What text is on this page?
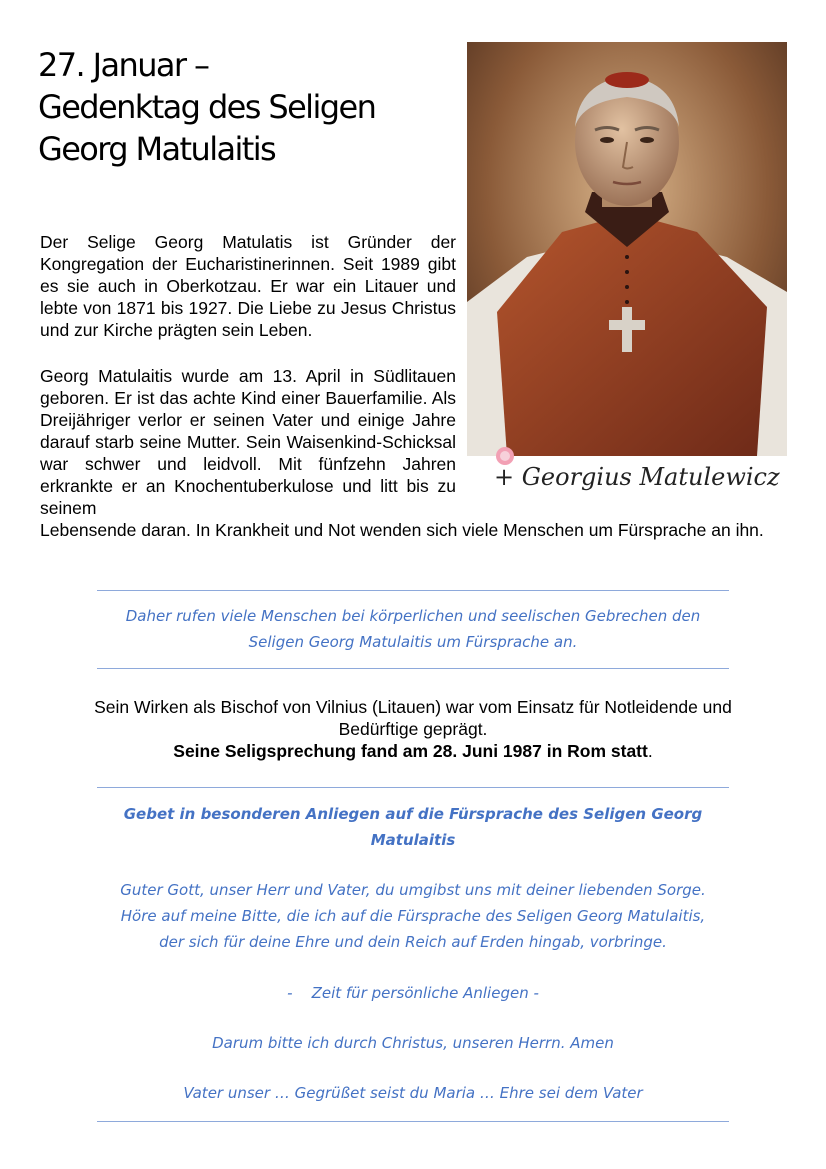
27. Januar –
Gedenktag des Seligen
Georg Matulaitis
+ Georgius Matulewicz

Der Selige Georg Matulatis ist Gründer der Kongregation der Eucharistinerinnen. Seit 1989 gibt es sie auch in Oberkotzau. Er war ein Litauer und lebte von 1871 bis 1927. Die Liebe zu Jesus Christus und zur Kirche prägten sein Leben.

Georg Matulaitis wurde am 13. April in Südlitauen geboren. Er ist das achte Kind einer Bauerfamilie. Als Dreijähriger verlor er seinen Vater und einige Jahre darauf starb seine Mutter. Sein Waisenkind-Schicksal war schwer und leidvoll. Mit fünfzehn Jahren erkrankte er an Knochentuberkulose und litt bis zu seinem

Lebensende daran. In Krankheit und Not wenden sich viele Menschen um Fürsprache an ihn.

Daher rufen viele Menschen bei körperlichen und seelischen Gebrechen den
Seligen Georg Matulaitis um Fürsprache an.

Sein Wirken als Bischof von Vilnius (Litauen) war vom Einsatz für Notleidende und
Bedürftige geprägt.
Seine Seligsprechung fand am 28. Juni 1987 in Rom statt.

Gebet in besonderen Anliegen auf die Fürsprache des Seligen Georg
Matulaitis

Guter Gott, unser Herr und Vater, du umgibst uns mit deiner liebenden Sorge.
Höre auf meine Bitte, die ich auf die Fürsprache des Seligen Georg Matulaitis,
der sich für deine Ehre und dein Reich auf Erden hingab, vorbringe.

-    Zeit für persönliche Anliegen -

Darum bitte ich durch Christus, unseren Herrn. Amen

Vater unser … Gegrüßet seist du Maria … Ehre sei dem Vater
